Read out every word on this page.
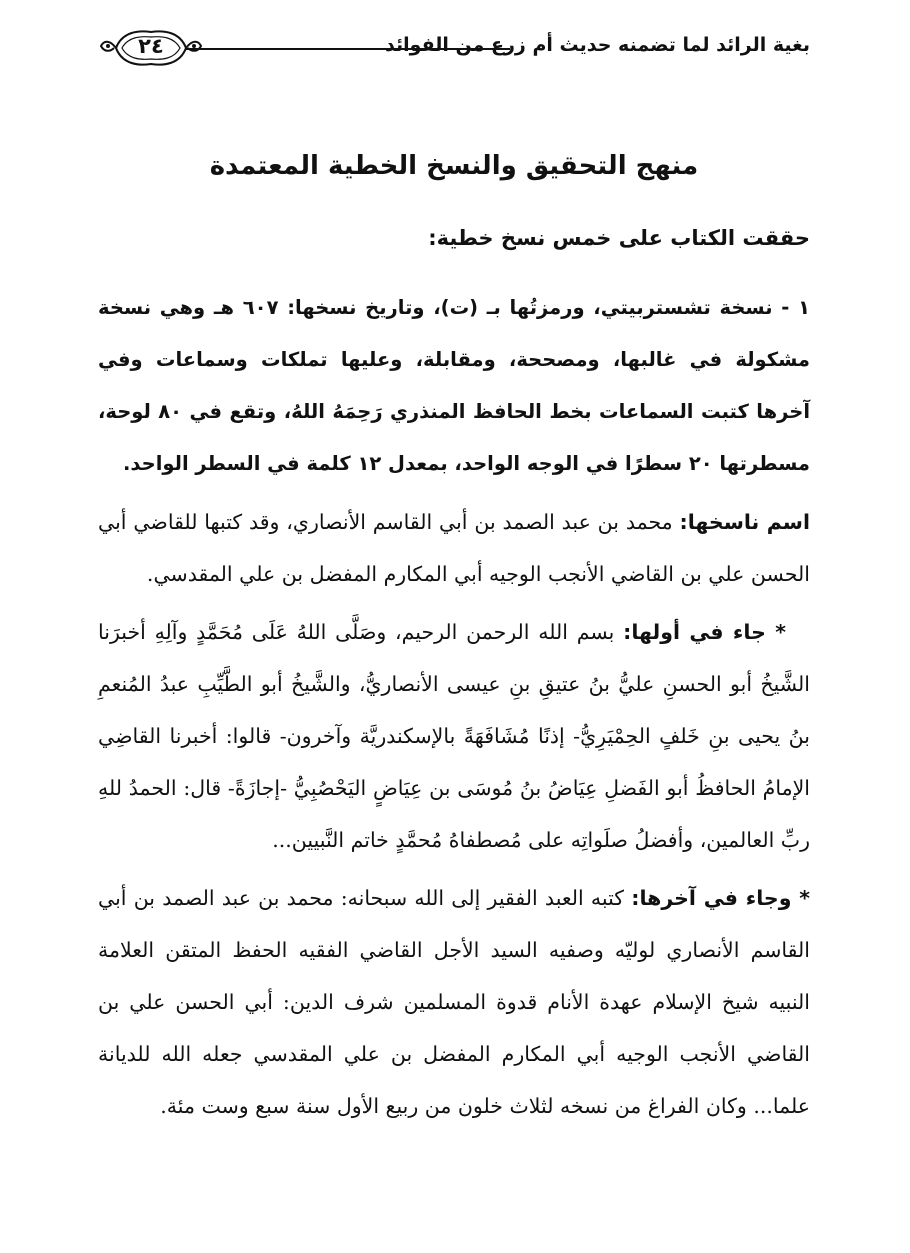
بغية الرائد لما تضمنه حديث أم زرع من الفوائد
٢٤
منهج التحقيق والنسخ الخطية المعتمدة
حققت الكتاب على خمس نسخ خطية:

١ - نسخة تشستربيتي، ورمزتُها بـ (ت)، وتاريخ نسخها: ٦٠٧ هـ وهي نسخة مشكولة في غالبها، ومصححة، ومقابلة، وعليها تملكات وسماعات وفي آخرها كتبت السماعات بخط الحافظ المنذري رَحِمَهُ اللهُ، وتقع في ٨٠ لوحة، مسطرتها ٢٠ سطرًا في الوجه الواحد، بمعدل ١٢ كلمة في السطر الواحد.

اسم ناسخها: محمد بن عبد الصمد بن أبي القاسم الأنصاري، وقد كتبها للقاضي أبي الحسن علي بن القاضي الأنجب الوجيه أبي المكارم المفضل بن علي المقدسي.

* جاء في أولها: بسم الله الرحمن الرحيم، وصَلَّى اللهُ عَلَى مُحَمَّدٍ وآلِهِ أخبرَنا الشَّيخُ أبو الحسنِ عليُّ بنُ عتيقِ بنِ عيسى الأنصاريُّ، والشَّيخُ أبو الطَّيِّبِ عبدُ المُنعمِ بنُ يحيى بنِ خَلفٍ الحِمْيَرِيُّ- إذنًا مُشَافَهَةً بالإسكندريَّة وآخرون- قالوا: أخبرنا القاضِي الإمامُ الحافظُ أبو الفَضلِ عِيَاضُ بنُ مُوسَى بن عِيَاضٍ اليَحْصُبِيُّ -إجازَةً- قال: الحمدُ للهِ ربِّ العالمين، وأفضلُ صلَواتِه على مُصطفاهُ مُحمَّدٍ خاتم النَّبيين...

* وجاء في آخرها: كتبه العبد الفقير إلى الله سبحانه: محمد بن عبد الصمد بن أبي القاسم الأنصاري لوليّه وصفيه السيد الأجل القاضي الفقيه الحفظ المتقن العلامة النبيه شيخ الإسلام عهدة الأنام قدوة المسلمين شرف الدين: أبي الحسن علي بن القاضي الأنجب الوجيه أبي المكارم المفضل بن علي المقدسي جعله الله للديانة علما... وكان الفراغ من نسخه لثلاث خلون من ربيع الأول سنة سبع وست مئة.
